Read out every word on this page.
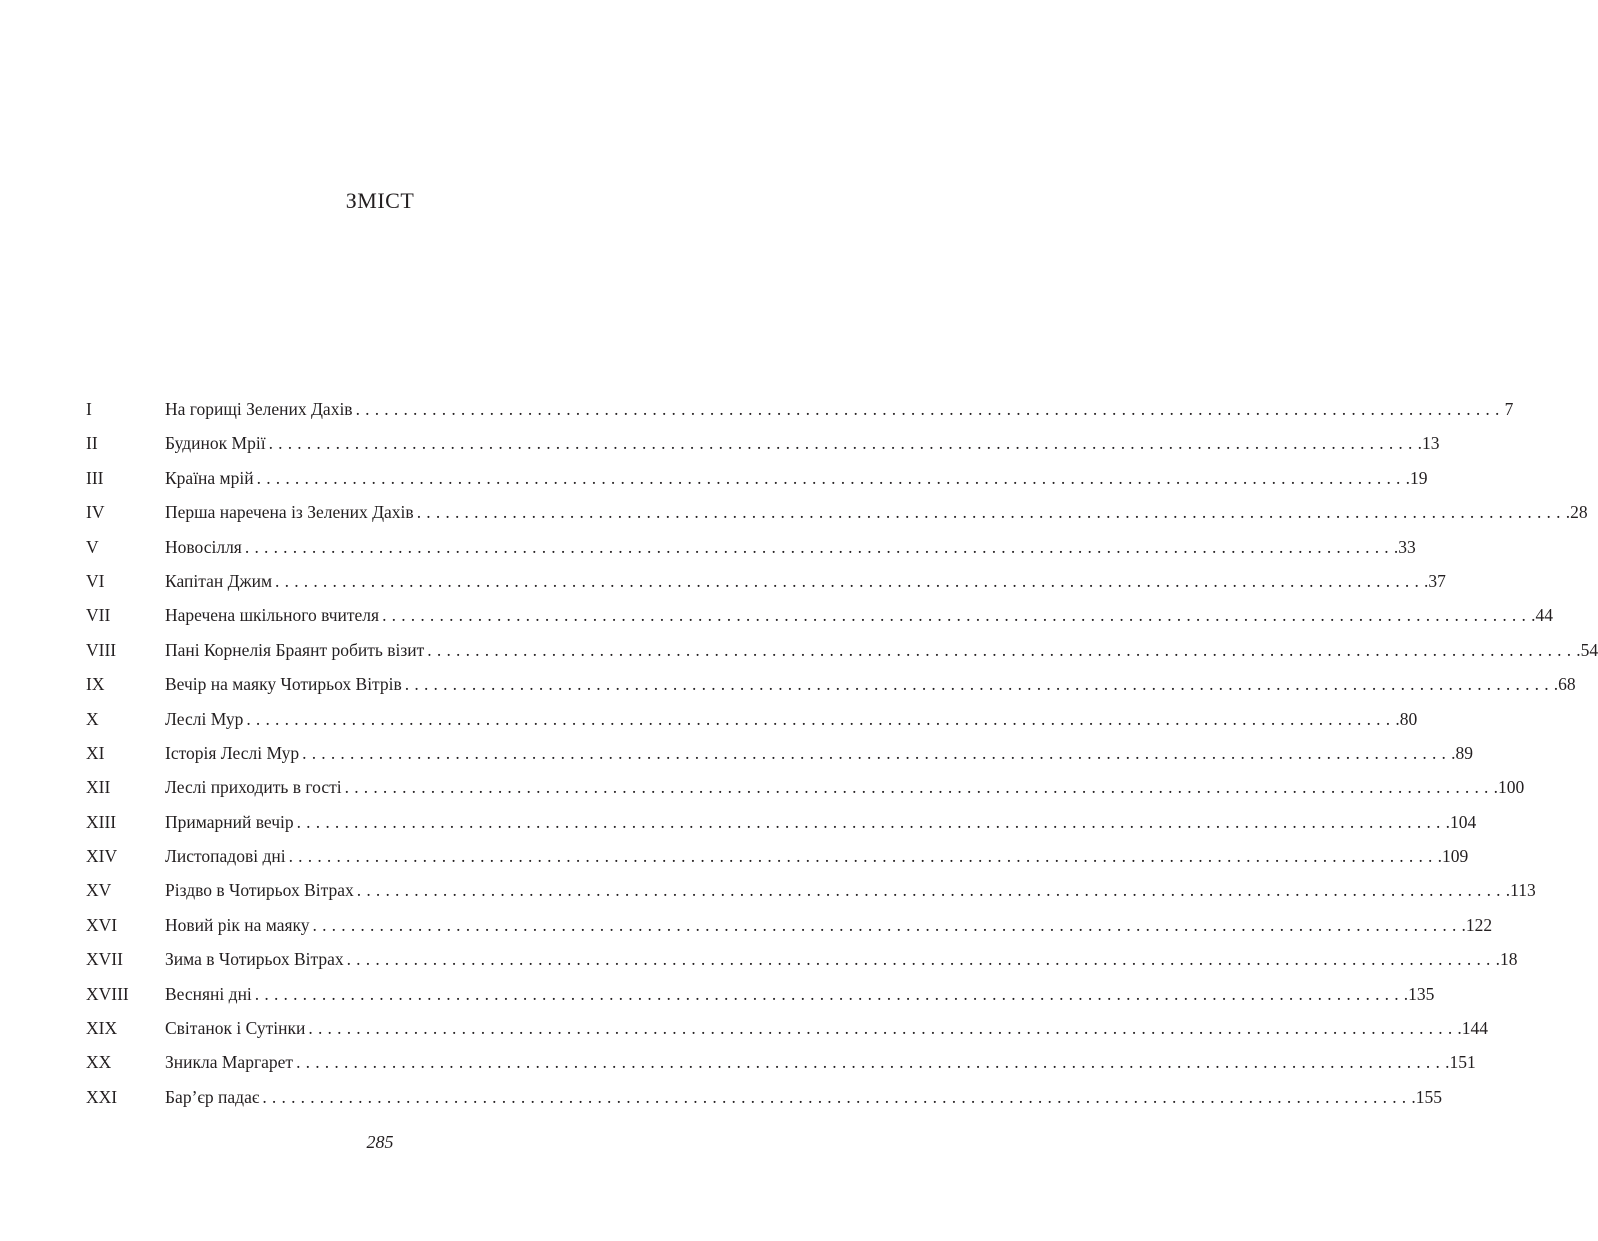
ЗМІСТ
I	На горищі Зелених Дахів ........................................................................................................................ 7
II	Будинок Мрії ........................................................................................................................ .13
III	Країна мрій ........................................................................................................................ .19
IV	Перша наречена із Зелених Дахів ........................................................................................................................ .28
V	Новосілля ........................................................................................................................ .33
VI	Капітан Джим ........................................................................................................................ .37
VII	Наречена шкільного вчителя ........................................................................................................................ .44
VIII	Пані Корнелія Браянт робить візит ........................................................................................................................ .54
IX	Вечір на маяку Чотирьох Вітрів ........................................................................................................................ .68
X	Леслі Мур ........................................................................................................................ .80
XI	Історія Леслі Мур ........................................................................................................................ .89
XII	Леслі приходить в гості ........................................................................................................................ .100
XIII	Примарний вечір ........................................................................................................................ .104
XIV	Листопадові дні ........................................................................................................................ .109
XV	Різдво в Чотирьох Вітрах ........................................................................................................................ .113
XVI	Новий рік на маяку ........................................................................................................................ .122
XVII	Зима в Чотирьох Вітрах ........................................................................................................................ .18
XVIII	Весняні дні ........................................................................................................................ .135
XIX	Світанок і Сутінки ........................................................................................................................ .144
XX	Зникла Маргарет ........................................................................................................................ .151
XXI	Бар’єр падає ........................................................................................................................ .155
285
